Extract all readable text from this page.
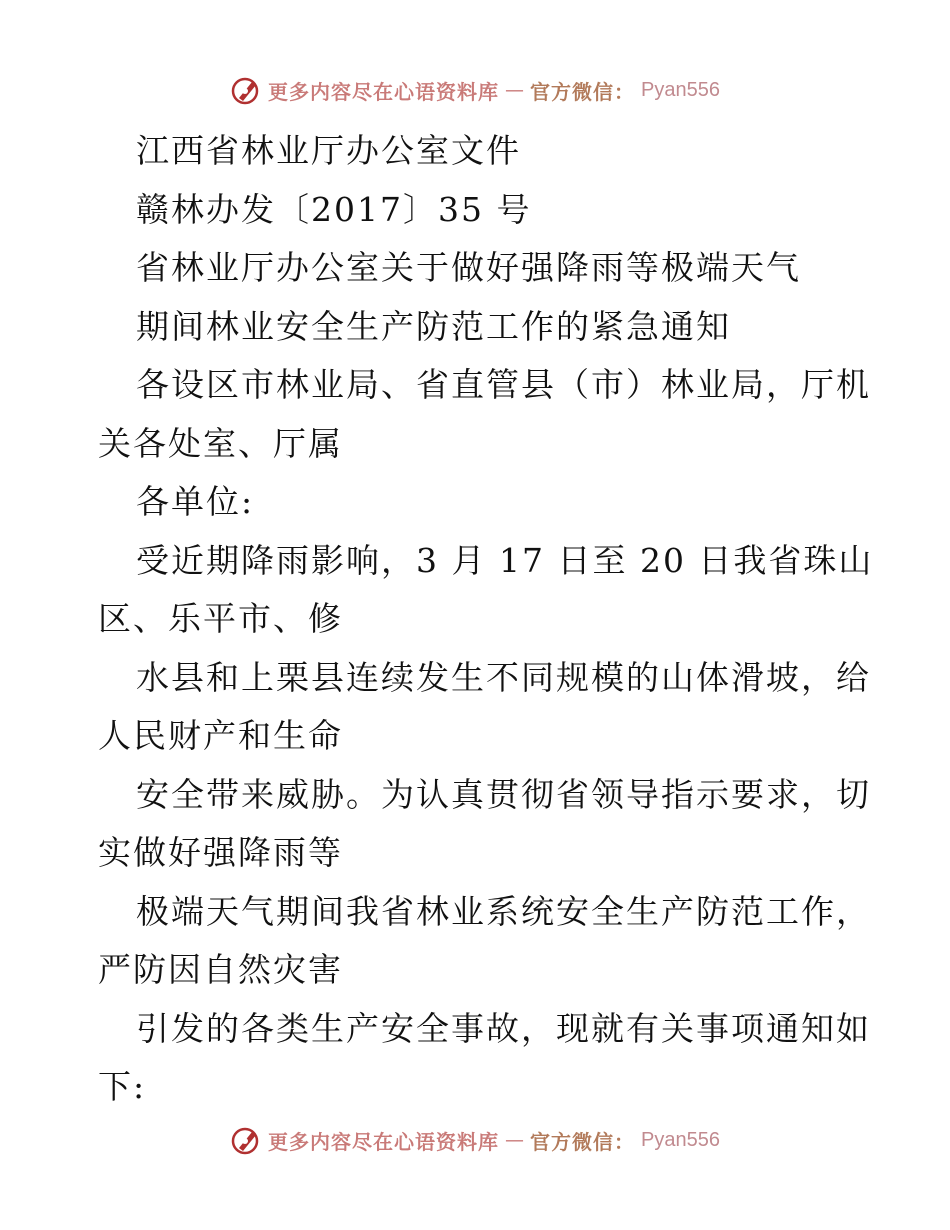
更多内容尽在心语资料库 — 官方微信： Pyan556
江西省林业厅办公室文件
赣林办发〔2017〕35 号
省林业厅办公室关于做好强降雨等极端天气
期间林业安全生产防范工作的紧急通知
各设区市林业局、省直管县（市）林业局，厅机
关各处室、厅属
各单位:
受近期降雨影响，3 月 17 日至 20 日我省珠山
区、乐平市、修
水县和上栗县连续发生不同规模的山体滑坡，给
人民财产和生命
安全带来威胁。为认真贯彻省领导指示要求，切
实做好强降雨等
极端天气期间我省林业系统安全生产防范工作，
严防因自然灾害
引发的各类生产安全事故，现就有关事项通知如
下:
更多内容尽在心语资料库 — 官方微信： Pyan556
